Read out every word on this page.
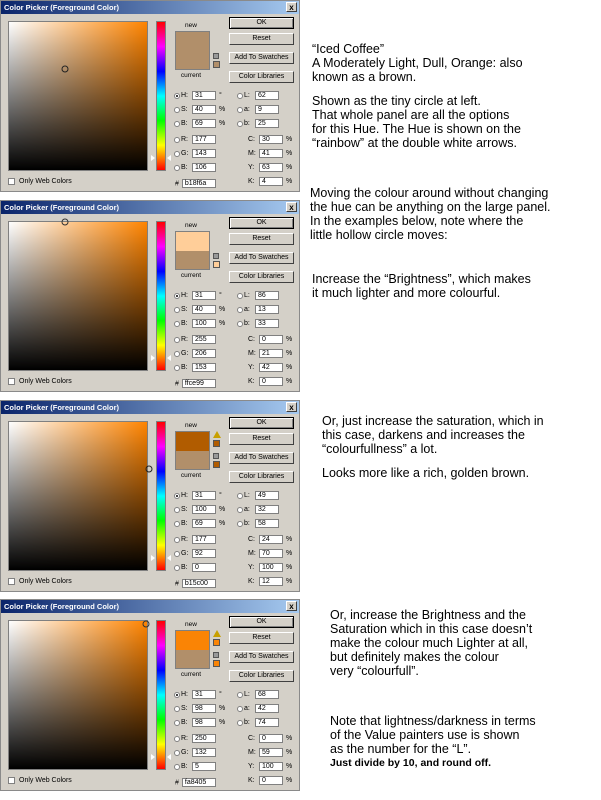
Color Picker (Foreground Color)	x
new
current
OK
Reset
Add To Swatches
Color Libraries
H: 31 °
S: 40 %
B: 69 %
R: 177
G: 143
B: 106
L: 62
a: 9
b: 25
C: 30 %
M: 41 %
Y: 63 %
K: 4	%
# b18f6a
Only Web Colors
Color Picker (Foreground Color)	x
new
current
OK
Reset
Add To Swatches
Color Libraries
H: 31 °
S: 40 %
B: 100 %
R: 255
G: 206
B: 153
L: 86
a: 13
b: 33
C: 0	%
M: 21 %
Y: 42 %
K: 0	%
# ffce99
Only Web Colors
Color Picker (Foreground Color)	x
new
current
OK
Reset
Add To Swatches
Color Libraries
H: 31 °
S: 100 %
B: 69 %
R: 177
G: 92
B: 0
L: 49
a: 32
b: 58
C: 24 %
M: 70 %
Y: 100 %
K: 12 %
# b15c00
Only Web Colors
Color Picker (Foreground Color)	x
new
current
OK
Reset
Add To Swatches
Color Libraries
H: 31 °
S: 98 %
B: 98 %
R: 250
G: 132
B: 5
L: 68
a: 42
b: 74
C: 0	%
M: 59 %
Y: 100 %
K: 0	%
# fa8405
Only Web Colors

“Iced Coffee”

A Moderately Light, Dull, Orange: also

known as a brown.

Shown as the tiny circle at left.

That whole panel are all the options

for this Hue. The Hue is shown on the

“rainbow” at the double white arrows.

Moving the colour around without changing

the hue can be anything on the large panel.

In the examples below, note where the

little hollow circle moves:

Increase the “Brightness”, which makes

it much lighter and more colourful.

Or, just increase the saturation, which in

this case, darkens and increases the

“colourfullness” a lot.

Looks more like a rich, golden brown.

Or, increase the Brightness and the

Saturation which in this case doesn’t

make the colour much Lighter at all,

but definitely makes the colour

very “colourfull”.

Note that lightness/darkness in terms

of the Value painters use is shown

as the number for the “L”.

Just divide by 10, and round off.
